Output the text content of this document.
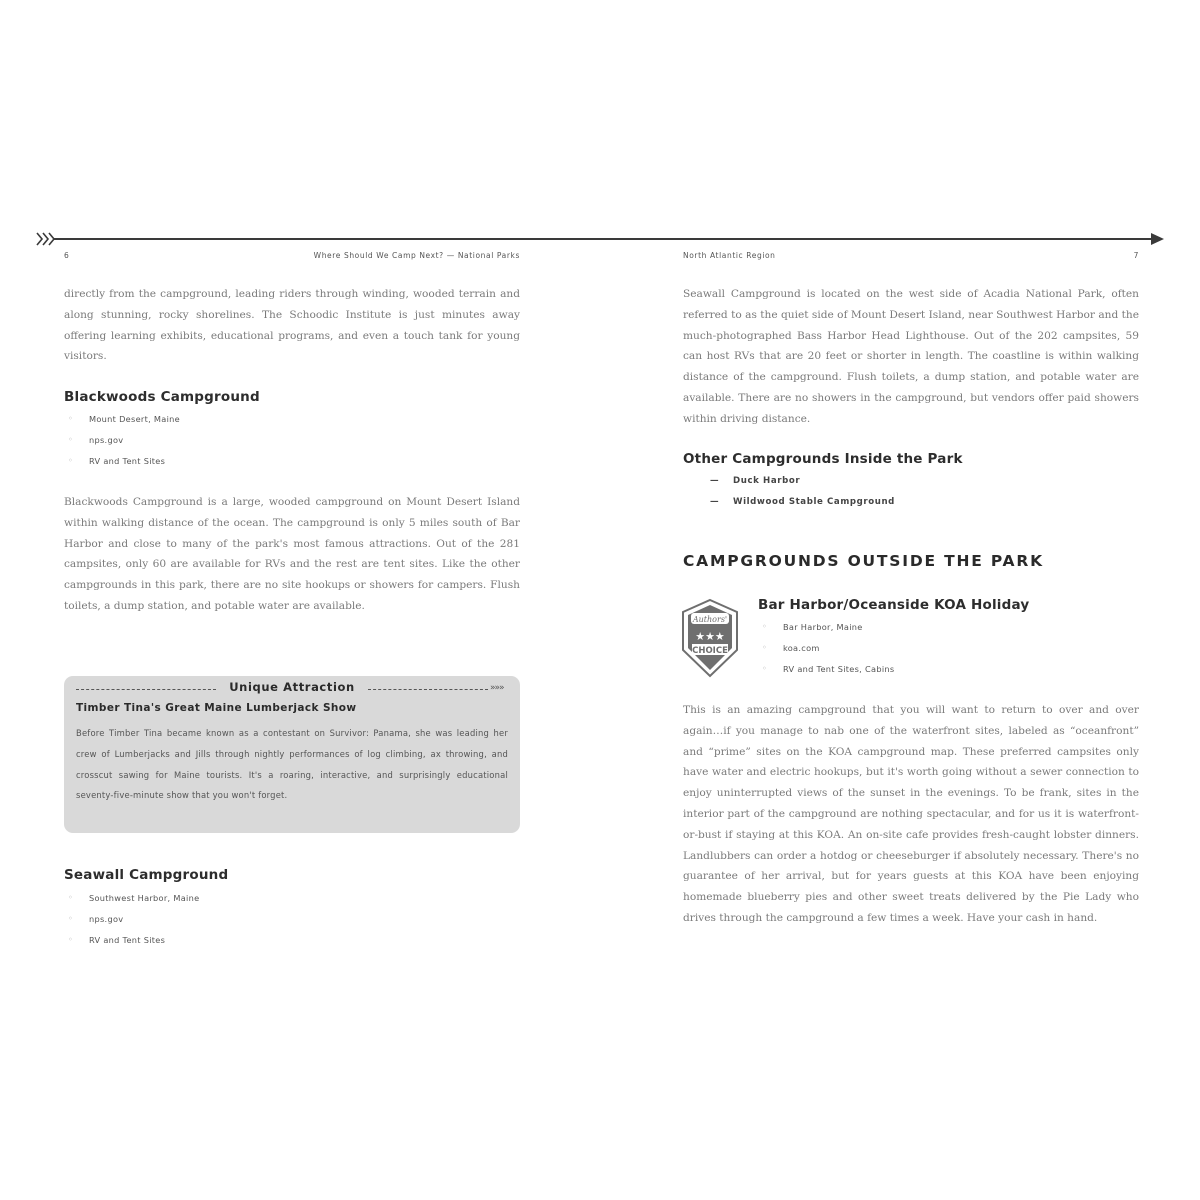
6	Where Should We Camp Next? — National Parks	North Atlantic Region	7

directly from the campground, leading riders through winding, wooded terrain and along stunning, rocky shorelines. The Schoodic Institute is just minutes away offering learning exhibits, educational programs, and even a touch tank for young visitors.

Blackwoods Campground
◦ Mount Desert, Maine
◦ nps.gov
◦ RV and Tent Sites

Blackwoods Campground is a large, wooded campground on Mount Desert Island within walking distance of the ocean. The campground is only 5 miles south of Bar Harbor and close to many of the park's most famous attractions. Out of the 281 campsites, only 60 are available for RVs and the rest are tent sites. Like the other campgrounds in this park, there are no site hookups or showers for campers. Flush toilets, a dump station, and potable water are available.

»»»
Unique Attraction
Timber Tina's Great Maine Lumberjack Show

Before Timber Tina became known as a contestant on Survivor: Panama, she was leading her crew of Lumberjacks and Jills through nightly performances of log climbing, ax throwing, and crosscut sawing for Maine tourists. It's a roaring, interactive, and surprisingly educational seventy-five-minute show that you won't forget.

Seawall Campground
◦ Southwest Harbor, Maine
◦ nps.gov
◦ RV and Tent Sites

Seawall Campground is located on the west side of Acadia National Park, often referred to as the quiet side of Mount Desert Island, near Southwest Harbor and the much-photographed Bass Harbor Head Lighthouse. Out of the 202 campsites, 59 can host RVs that are 20 feet or shorter in length. The coastline is within walking distance of the campground. Flush toilets, a dump station, and potable water are available. There are no showers in the campground, but vendors offer paid showers within driving distance.

Other Campgrounds Inside the Park
— Duck Harbor
— Wildwood Stable Campground
CAMPGROUNDS OUTSIDE THE PARK
Authors'
★★★
CHOICE
Bar Harbor/Oceanside KOA Holiday
◦ Bar Harbor, Maine
◦ koa.com
◦ RV and Tent Sites, Cabins

This is an amazing campground that you will want to return to over and over again…if you manage to nab one of the waterfront sites, labeled as “oceanfront” and “prime” sites on the KOA campground map. These preferred campsites only have water and electric hookups, but it's worth going without a sewer connection to enjoy uninterrupted views of the sunset in the evenings. To be frank, sites in the interior part of the campground are nothing spectacular, and for us it is waterfront-or-bust if staying at this KOA. An on-site cafe provides fresh-caught lobster dinners. Landlubbers can order a hotdog or cheeseburger if absolutely necessary. There's no guarantee of her arrival, but for years guests at this KOA have been enjoying homemade blueberry pies and other sweet treats delivered by the Pie Lady who drives through the campground a few times a week. Have your cash in hand.
